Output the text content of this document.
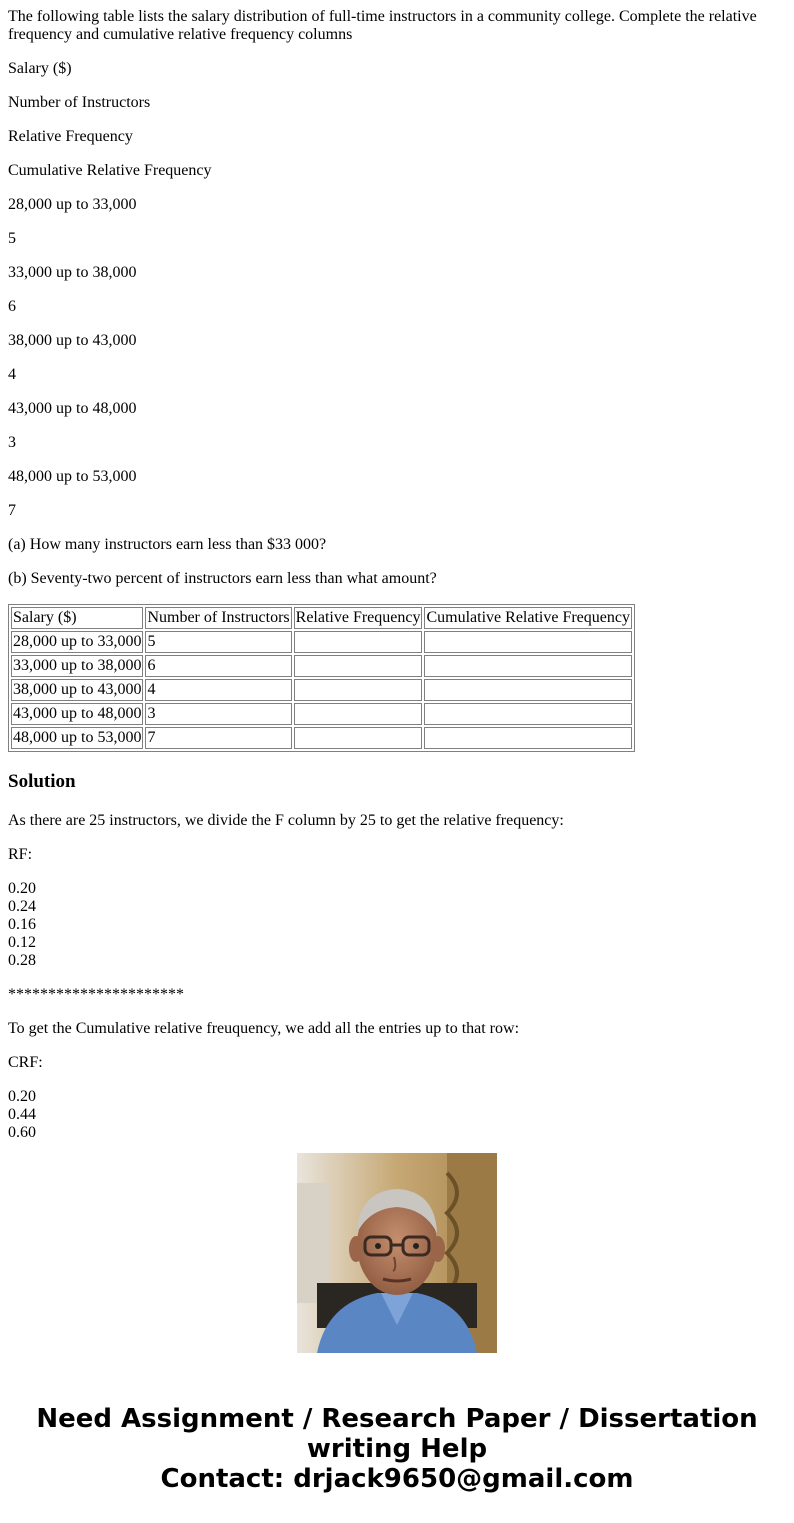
The following table lists the salary distribution of full-time instructors in a community college. Complete the relative frequency and cumulative relative frequency columns

Salary ($)

Number of Instructors

Relative Frequency

Cumulative Relative Frequency

28,000 up to 33,000

5

33,000 up to 38,000

6

38,000 up to 43,000

4

43,000 up to 48,000

3

48,000 up to 53,000

7

(a) How many instructors earn less than $33 000?

(b) Seventy-two percent of instructors earn less than what amount?

Salary ($)	Number of Instructors	Relative Frequency	Cumulative Relative Frequency
28,000 up to 33,000	5		
33,000 up to 38,000	6		
38,000 up to 43,000	4		
43,000 up to 48,000	3		
48,000 up to 53,000	7		
Solution

As there are 25 instructors, we divide the F column by 25 to get the relative frequency:

RF:

0.20
0.24
0.16
0.12
0.28

**********************

To get the Cumulative relative freuquency, we add all the entries up to that row:

CRF:

0.20
0.44
0.60

Need Assignment / Research Paper / Dissertation
writing Help
Contact: drjack9650@gmail.com
